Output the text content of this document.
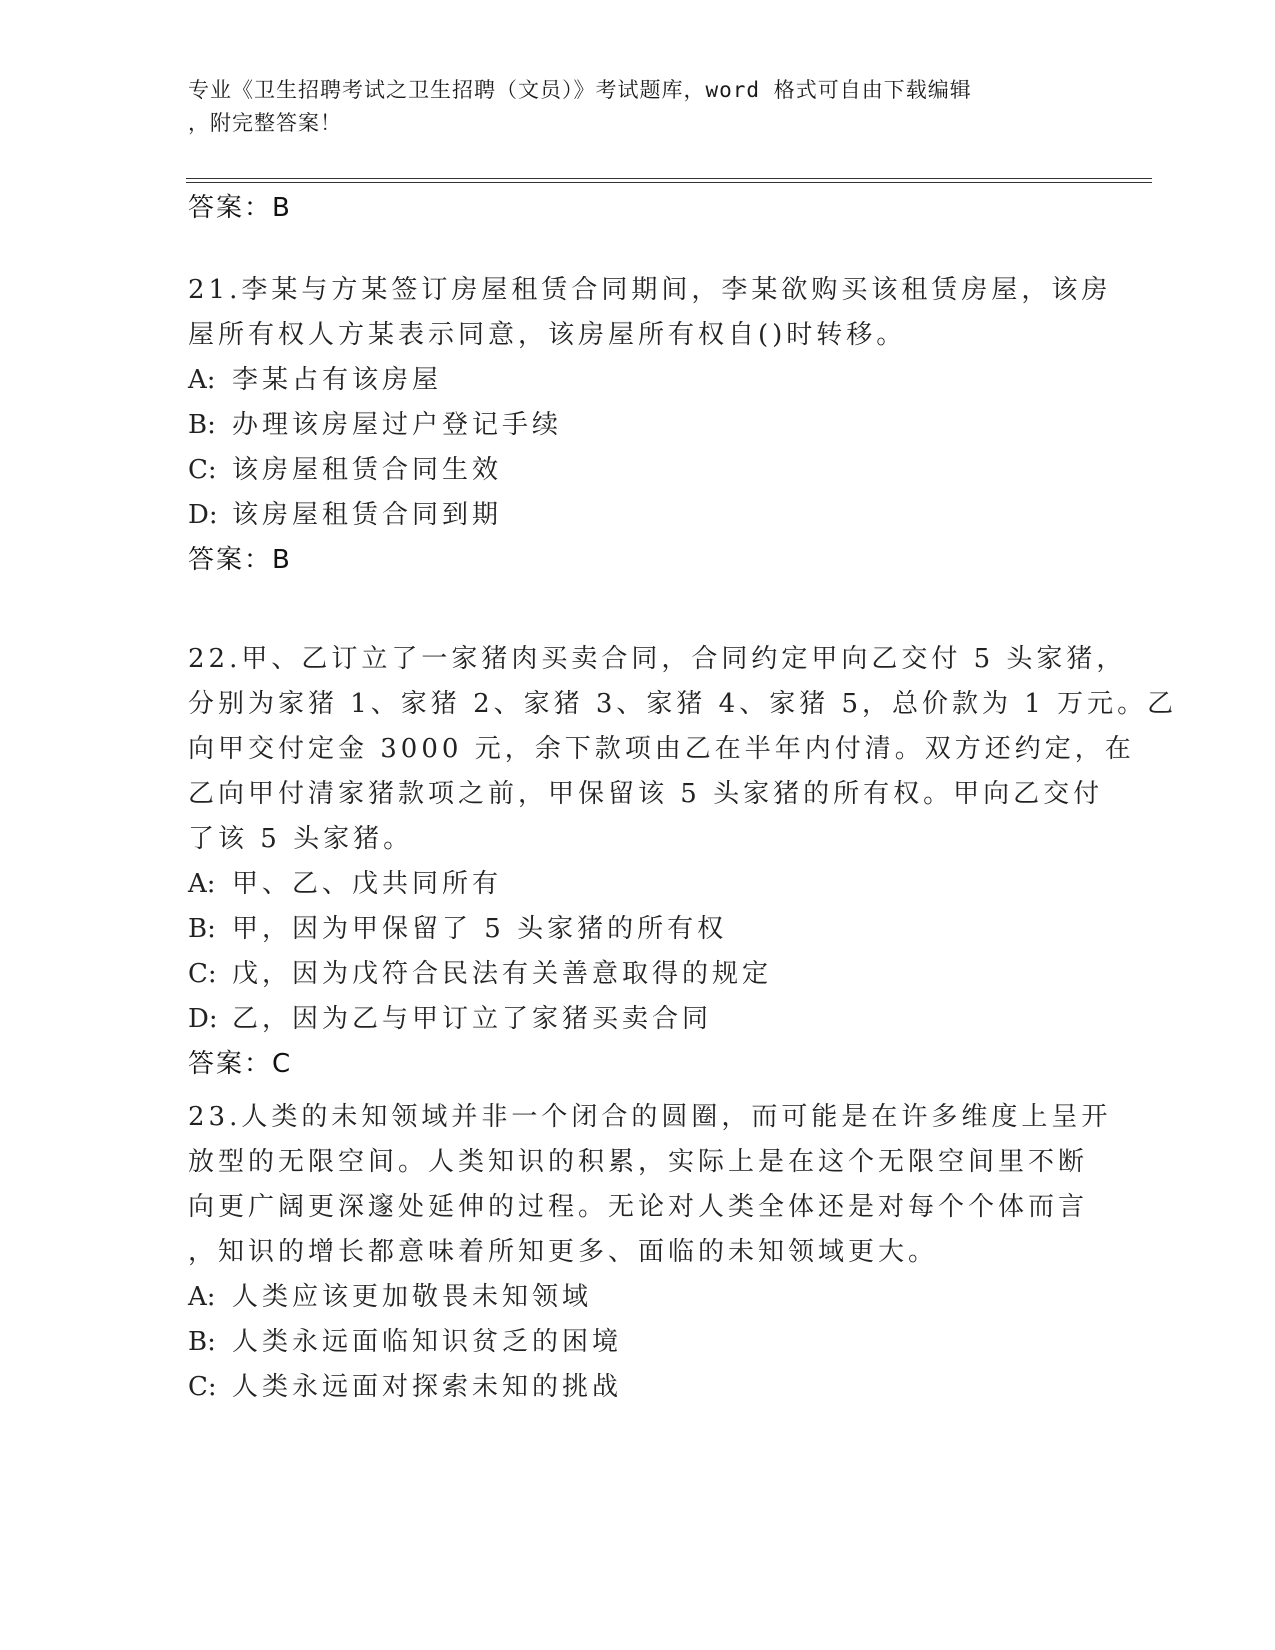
专业《卫生招聘考试之卫生招聘（文员）》考试题库，word 格式可自由下载编辑
，附完整答案！
答案：B
21.李某与方某签订房屋租赁合同期间，李某欲购买该租赁房屋，该房
屋所有权人方某表示同意，该房屋所有权自()时转移。
A: 李某占有该房屋
B: 办理该房屋过户登记手续
C: 该房屋租赁合同生效
D: 该房屋租赁合同到期
答案：B
22.甲、乙订立了一家猪肉买卖合同，合同约定甲向乙交付 5 头家猪，
分别为家猪 1、家猪 2、家猪 3、家猪 4、家猪 5，总价款为 1 万元。乙
向甲交付定金 3000 元，余下款项由乙在半年内付清。双方还约定，在
乙向甲付清家猪款项之前，甲保留该 5 头家猪的所有权。甲向乙交付
了该 5 头家猪。
A: 甲、乙、戊共同所有
B: 甲，因为甲保留了 5 头家猪的所有权
C: 戊，因为戊符合民法有关善意取得的规定
D: 乙，因为乙与甲订立了家猪买卖合同
答案：C
23.人类的未知领域并非一个闭合的圆圈，而可能是在许多维度上呈开
放型的无限空间。人类知识的积累，实际上是在这个无限空间里不断
向更广阔更深邃处延伸的过程。无论对人类全体还是对每个个体而言
，知识的增长都意味着所知更多、面临的未知领域更大。
A: 人类应该更加敬畏未知领域
B: 人类永远面临知识贫乏的困境
C: 人类永远面对探索未知的挑战
